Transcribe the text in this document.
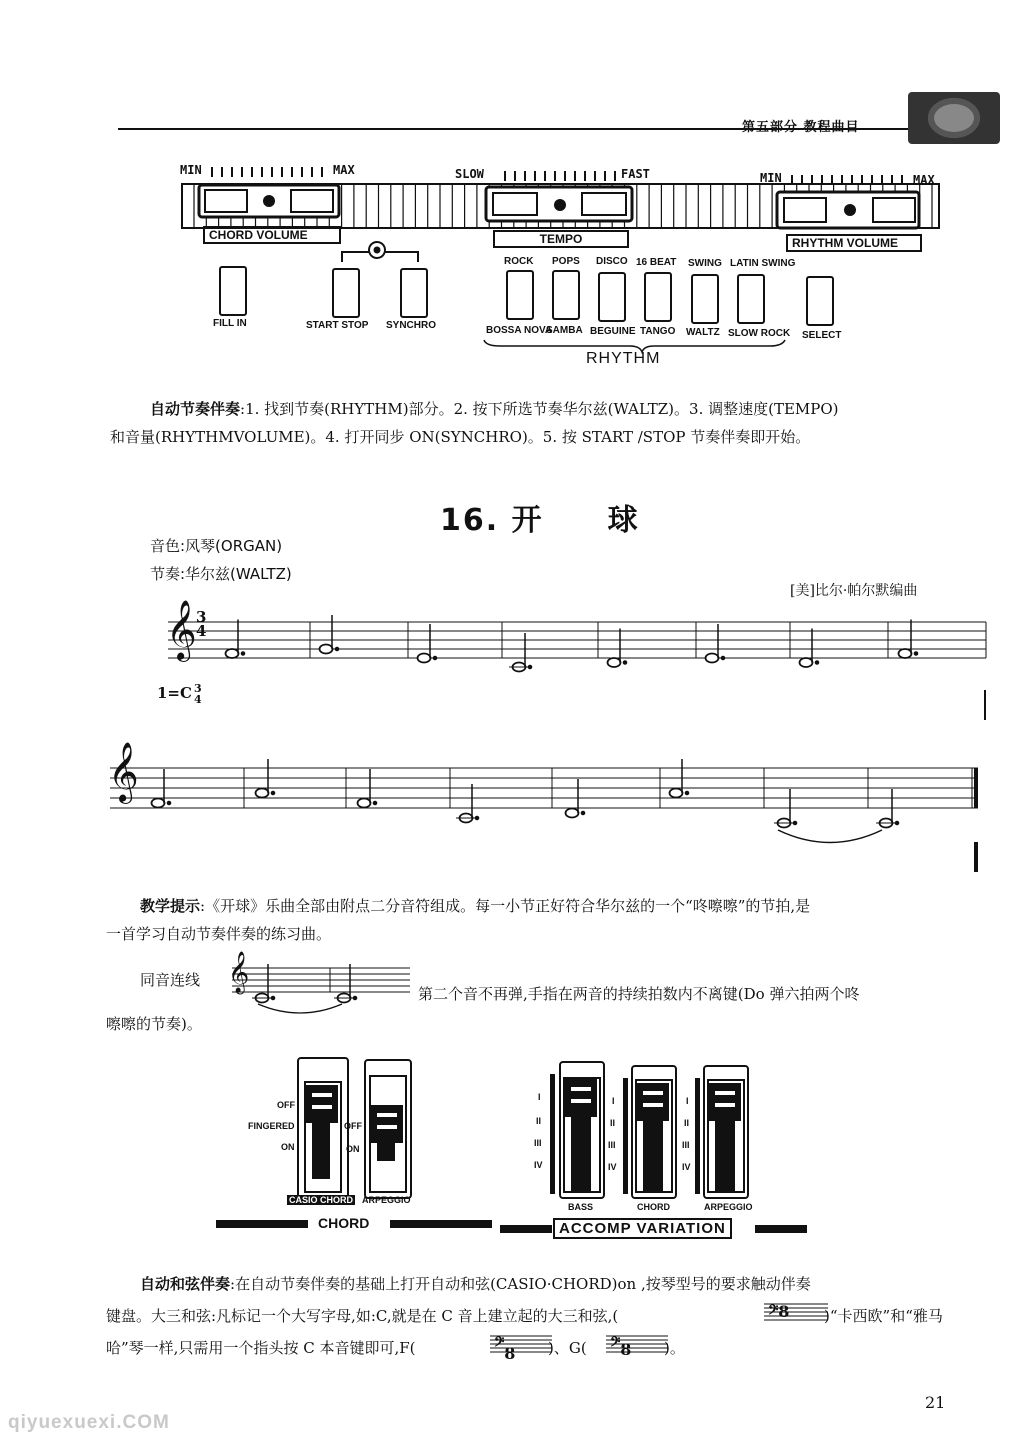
MIN	MAX	SLOW	FAST	MIN	MAX
CHORD VOLUME	TEMPO	RHYTHM VOLUME
FILL IN	START STOP SYNCHRO
ROCK POPS DISCO 16 BEAT SWING LATIN SWING
BOSSA NOVA
SAMBA BEGUINE TANGO WALTZ SLOW ROCK SELECT
RHYTHM
自动节奏伴奏:1. 找到节奏(RHYTHM)部分。2. 按下所选节奏华尔兹(WALTZ)。3. 调整速度(TEMPO)
和音量(RHYTHMVOLUME)。4. 打开同步 ON(SYNCHRO)。5. 按 START /STOP 节奏伴奏即开始。
16. 开　　球
音色:风琴(ORGAN)
节奏:华尔兹(WALTZ)
[美]比尔·帕尔默编曲
1=C 3
4
3
4
𝄞
𝄞
教学提示:《开球》乐曲全部由附点二分音符组成。每一小节正好符合华尔兹的一个“咚嚓嚓”的节拍,是
一首学习自动节奏伴奏的练习曲。
同音连线 𝄞
第二个音不再弹,手指在两音的持续拍数内不离键(Do 弹六拍两个咚
嚓嚓的节奏)。
OFF
FINGERED
ON
OFF
ON
CASIO CHORD ARPEGGIO
CHORD
I
II
III
IV
I
II
III
IV
I
II
III
IV
BASS	CHORD	ARPEGGIO
ACCOMP VARIATION
自动和弦伴奏:在自动节奏伴奏的基础上打开自动和弦(CASIO·CHORD)on ,按琴型号的要求触动伴奏
键盘。大三和弦:凡标记一个大写字母,如:C,就是在 C 音上建立起的大三和弦,(	𝄢8 )“卡西欧”和“雅马
哈”琴一样,只需用一个指头按 C 本音键即可,F(	𝄢8 )、G( 𝄢8 )。
21
qiyuexuexi.COM
